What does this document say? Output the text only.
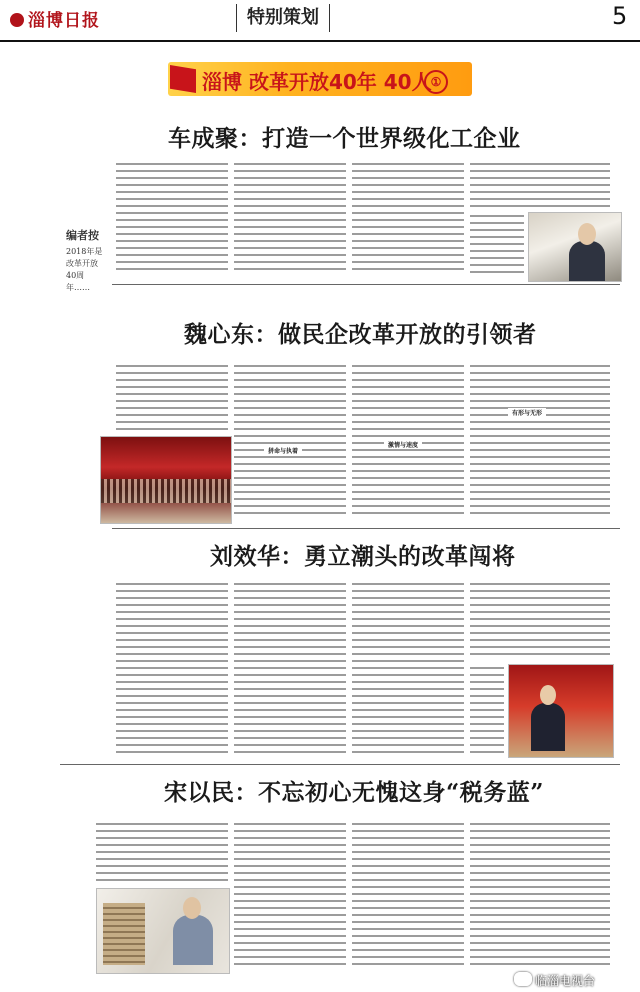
淄博日报	特别策划	5
淄博 改革开放40年 40人 ①
车成聚：打造一个世界级化工企业
编者按
2018年是改革开放40周年……
魏心东：做民企改革开放的引领者
拼命与执着
激情与速度
有形与无形
刘效华：勇立潮头的改革闯将
宋以民：不忘初心无愧这身“税务蓝”
临淄电视台
